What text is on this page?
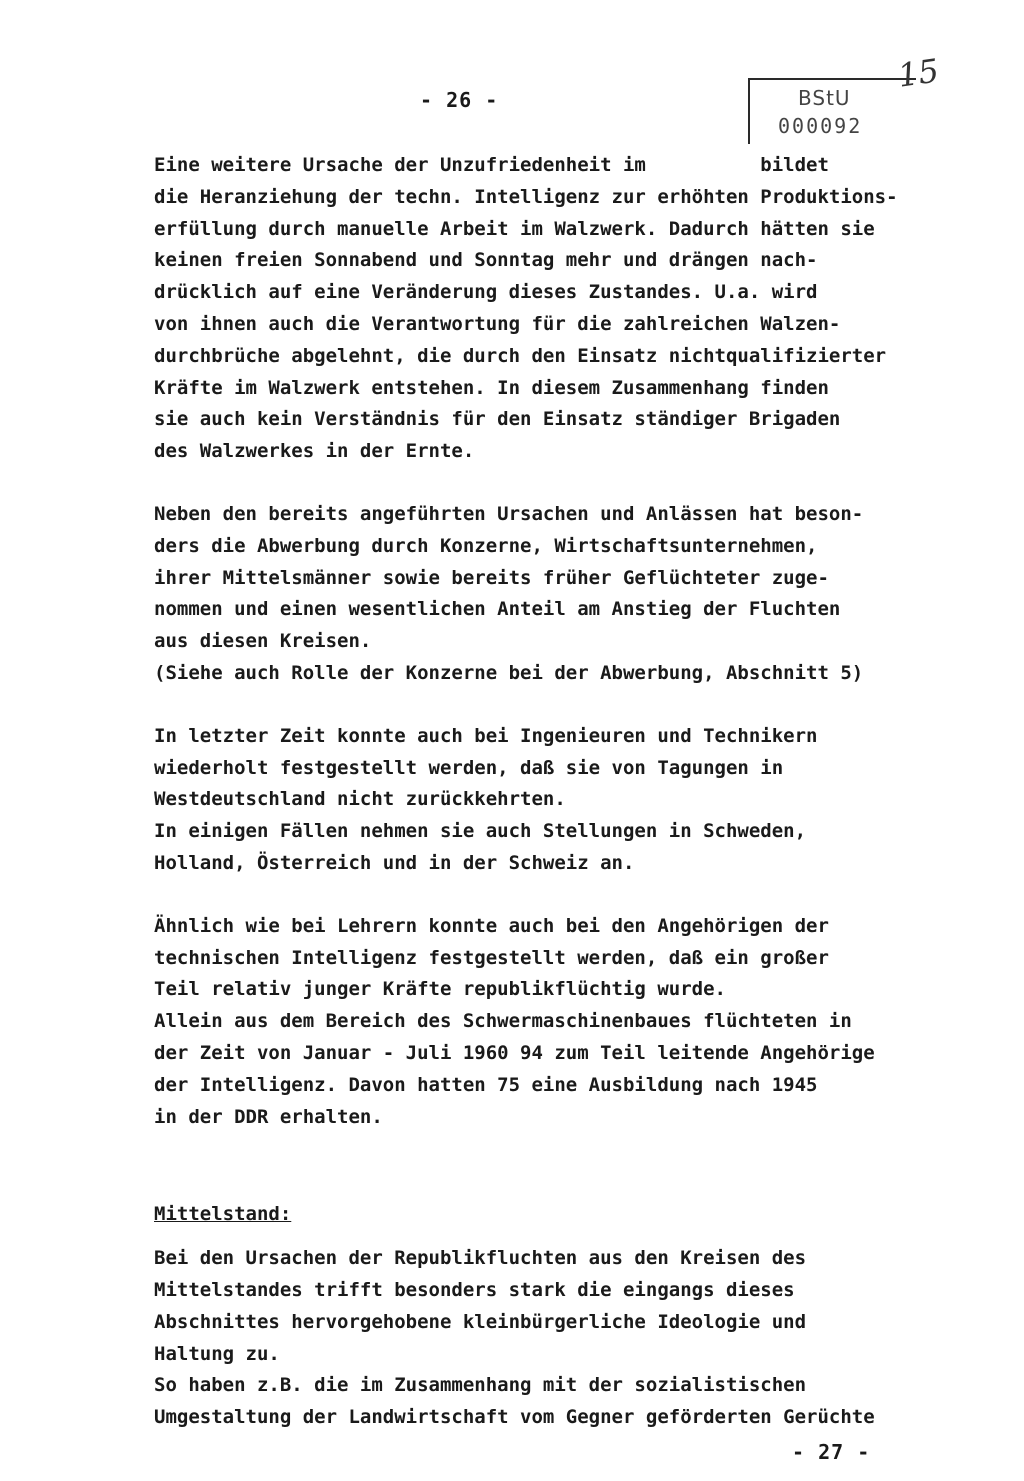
- 26 -	BStU
000092
15

Eine weitere Ursache der Unzufriedenheit im          bildet

die Heranziehung der techn. Intelligenz zur erhöhten Produktions-

erfüllung durch manuelle Arbeit im Walzwerk. Dadurch hätten sie

keinen freien Sonnabend und Sonntag mehr und drängen nach-

drücklich auf eine Veränderung dieses Zustandes. U.a. wird

von ihnen auch die Verantwortung für die zahlreichen Walzen-

durchbrüche abgelehnt, die durch den Einsatz nichtqualifizierter

Kräfte im Walzwerk entstehen. In diesem Zusammenhang finden

sie auch kein Verständnis für den Einsatz ständiger Brigaden

des Walzwerkes in der Ernte.

Neben den bereits angeführten Ursachen und Anlässen hat beson-

ders die Abwerbung durch Konzerne, Wirtschaftsunternehmen,

ihrer Mittelsmänner sowie bereits früher Geflüchteter zuge-

nommen und einen wesentlichen Anteil am Anstieg der Fluchten

aus diesen Kreisen.

(Siehe auch Rolle der Konzerne bei der Abwerbung, Abschnitt 5)

In letzter Zeit konnte auch bei Ingenieuren und Technikern

wiederholt festgestellt werden, daß sie von Tagungen in

Westdeutschland nicht zurückkehrten.

In einigen Fällen nehmen sie auch Stellungen in Schweden,

Holland, Österreich und in der Schweiz an.

Ähnlich wie bei Lehrern konnte auch bei den Angehörigen der

technischen Intelligenz festgestellt werden, daß ein großer

Teil relativ junger Kräfte republikflüchtig wurde.

Allein aus dem Bereich des Schwermaschinenbaues flüchteten in

der Zeit von Januar - Juli 1960 94 zum Teil leitende Angehörige

der Intelligenz. Davon hatten 75 eine Ausbildung nach 1945

in der DDR erhalten.

Mittelstand:

Bei den Ursachen der Republikfluchten aus den Kreisen des

Mittelstandes trifft besonders stark die eingangs dieses

Abschnittes hervorgehobene kleinbürgerliche Ideologie und

Haltung zu.

So haben z.B. die im Zusammenhang mit der sozialistischen

Umgestaltung der Landwirtschaft vom Gegner geförderten Gerüchte

- 27 -
